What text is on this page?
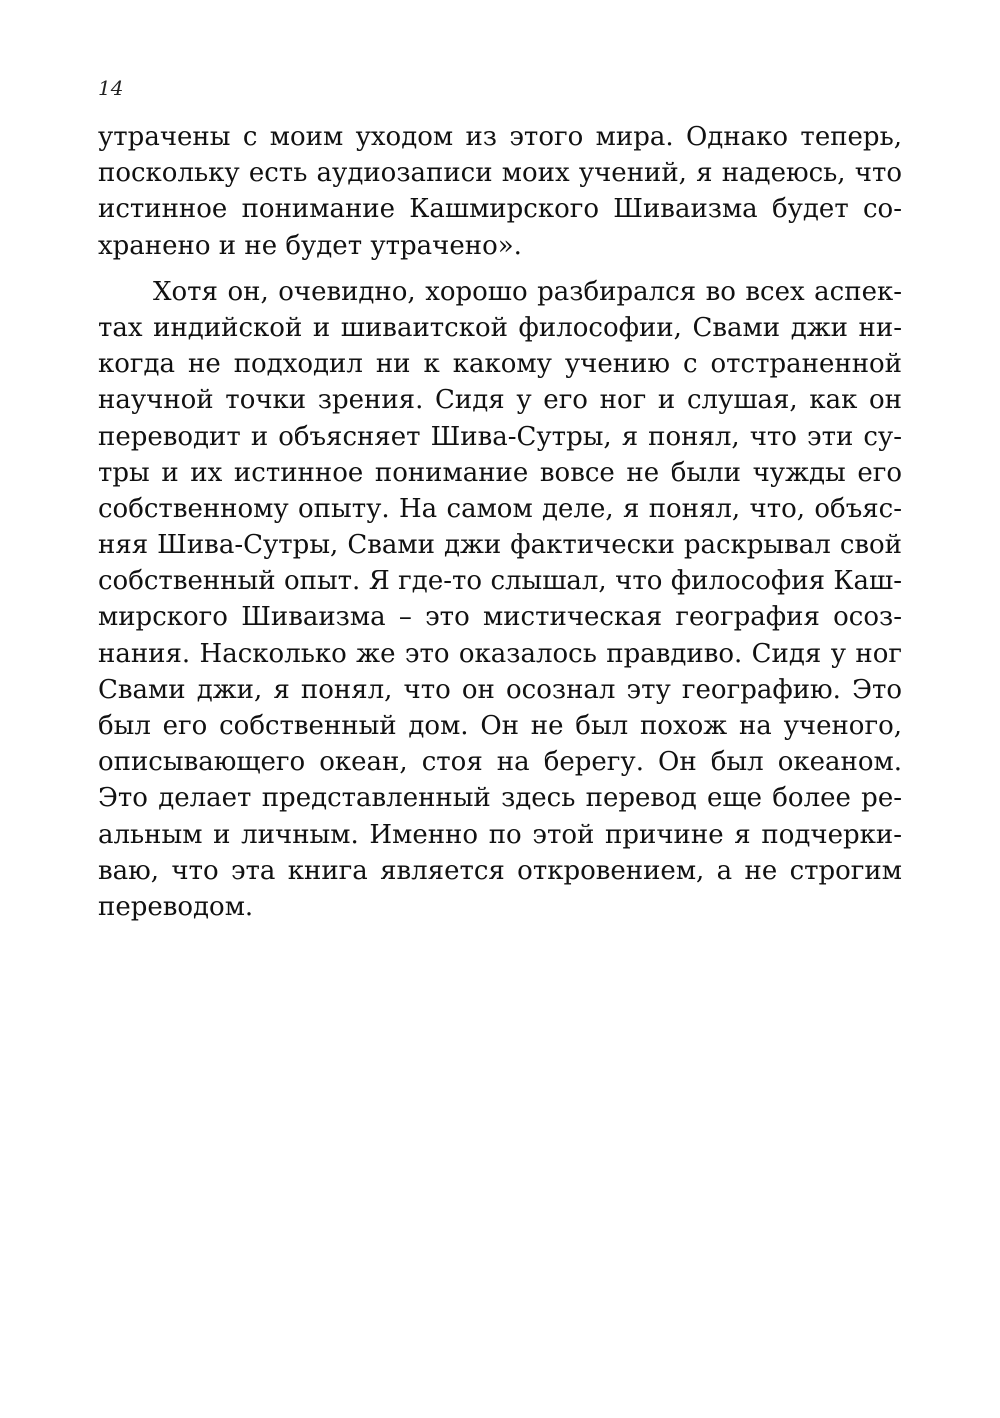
14
утрачены с моим уходом из этого мира. Однако теперь,
поскольку есть аудиозаписи моих учений, я надеюсь, что
истинное понимание Кашмирского Шиваизма будет со-
хранено и не будет утрачено».
Хотя он, очевидно, хорошо разбирался во всех аспек-
тах индийской и шиваитской философии, Свами джи ни-
когда не подходил ни к какому учению с отстраненной
научной точки зрения. Сидя у его ног и слушая, как он
переводит и объясняет Шива-Сутры, я понял, что эти су-
тры и их истинное понимание вовсе не были чужды его
собственному опыту. На самом деле, я понял, что, объяс-
няя Шива-Сутры, Свами джи фактически раскрывал свой
собственный опыт. Я где-то слышал, что философия Каш-
мирского Шиваизма – это мистическая география осоз-
нания. Насколько же это оказалось правдиво. Сидя у ног
Свами джи, я понял, что он осознал эту географию. Это
был его собственный дом. Он не был похож на ученого,
описывающего океан, стоя на берегу. Он был океаном.
Это делает представленный здесь перевод еще более ре-
альным и личным. Именно по этой причине я подчерки-
ваю, что эта книга является откровением, а не строгим
переводом.
